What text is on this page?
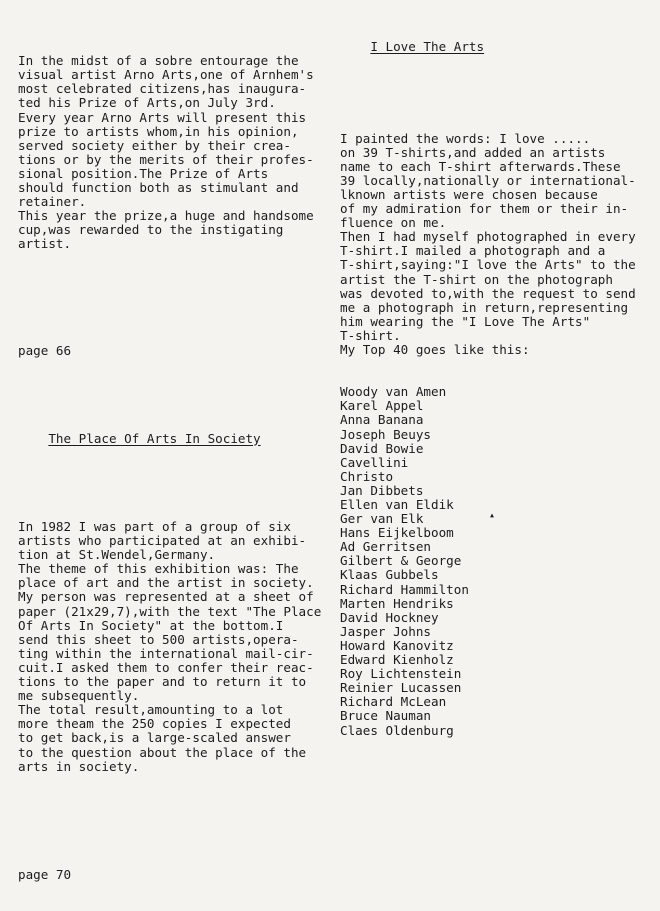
In the midst of a sobre entourage the
visual artist Arno Arts,one of Arnhem's
most celebrated citizens,has inaugura-
ted his Prize of Arts,on July 3rd.
Every year Arno Arts will present this
prize to artists whom,in his opinion,
served society either by their crea-
tions or by the merits of their profes-
sional position.The Prize of Arts
should function both as stimulant and
retainer.
This year the prize,a huge and handsome
cup,was rewarded to the instigating
artist.

page 66

The Place Of Arts In Society

In 1982 I was part of a group of six
artists who participated at an exhibi-
tion at St.Wendel,Germany.
The theme of this exhibition was: The
place of art and the artist in society.
My person was represented at a sheet of
paper (21x29,7),with the text "The Place
Of Arts In Society" at the bottom.I
send this sheet to 500 artists,opera-
ting within the international mail-cir-
cuit.I asked them to confer their reac-
tions to the paper and to return it to
me subsequently.
The total result,amounting to a lot
more theam the 250 copies I expected
to get back,is a large-scaled answer
to the question about the place of the
arts in society.

page 70

I Love The Arts

I painted the words: I love .....
on 39 T-shirts,and added an artists
name to each T-shirt afterwards.These
39 locally,nationally or international-
lknown artists were chosen because
of my admiration for them or their in-
fluence on me.
Then I had myself photographed in every
T-shirt.I mailed a photograph and a
T-shirt,saying:"I love the Arts" to the
artist the T-shirt on the photograph
was devoted to,with the request to send
me a photograph in return,representing
him wearing the "I Love The Arts"
T-shirt.
My Top 40 goes like this:

Woody van Amen
Karel Appel
Anna Banana
Joseph Beuys
David Bowie
Cavellini
Christo
Jan Dibbets
Ellen van Eldik
Ger van Elk
Hans Eijkelboom
Ad Gerritsen
Gilbert & George
Klaas Gubbels
Richard Hammilton
Marten Hendriks
David Hockney
Jasper Johns
Howard Kanovitz
Edward Kienholz
Roy Lichtenstein
Reinier Lucassen
Richard McLean
Bruce Nauman
Claes Oldenburg

▴
